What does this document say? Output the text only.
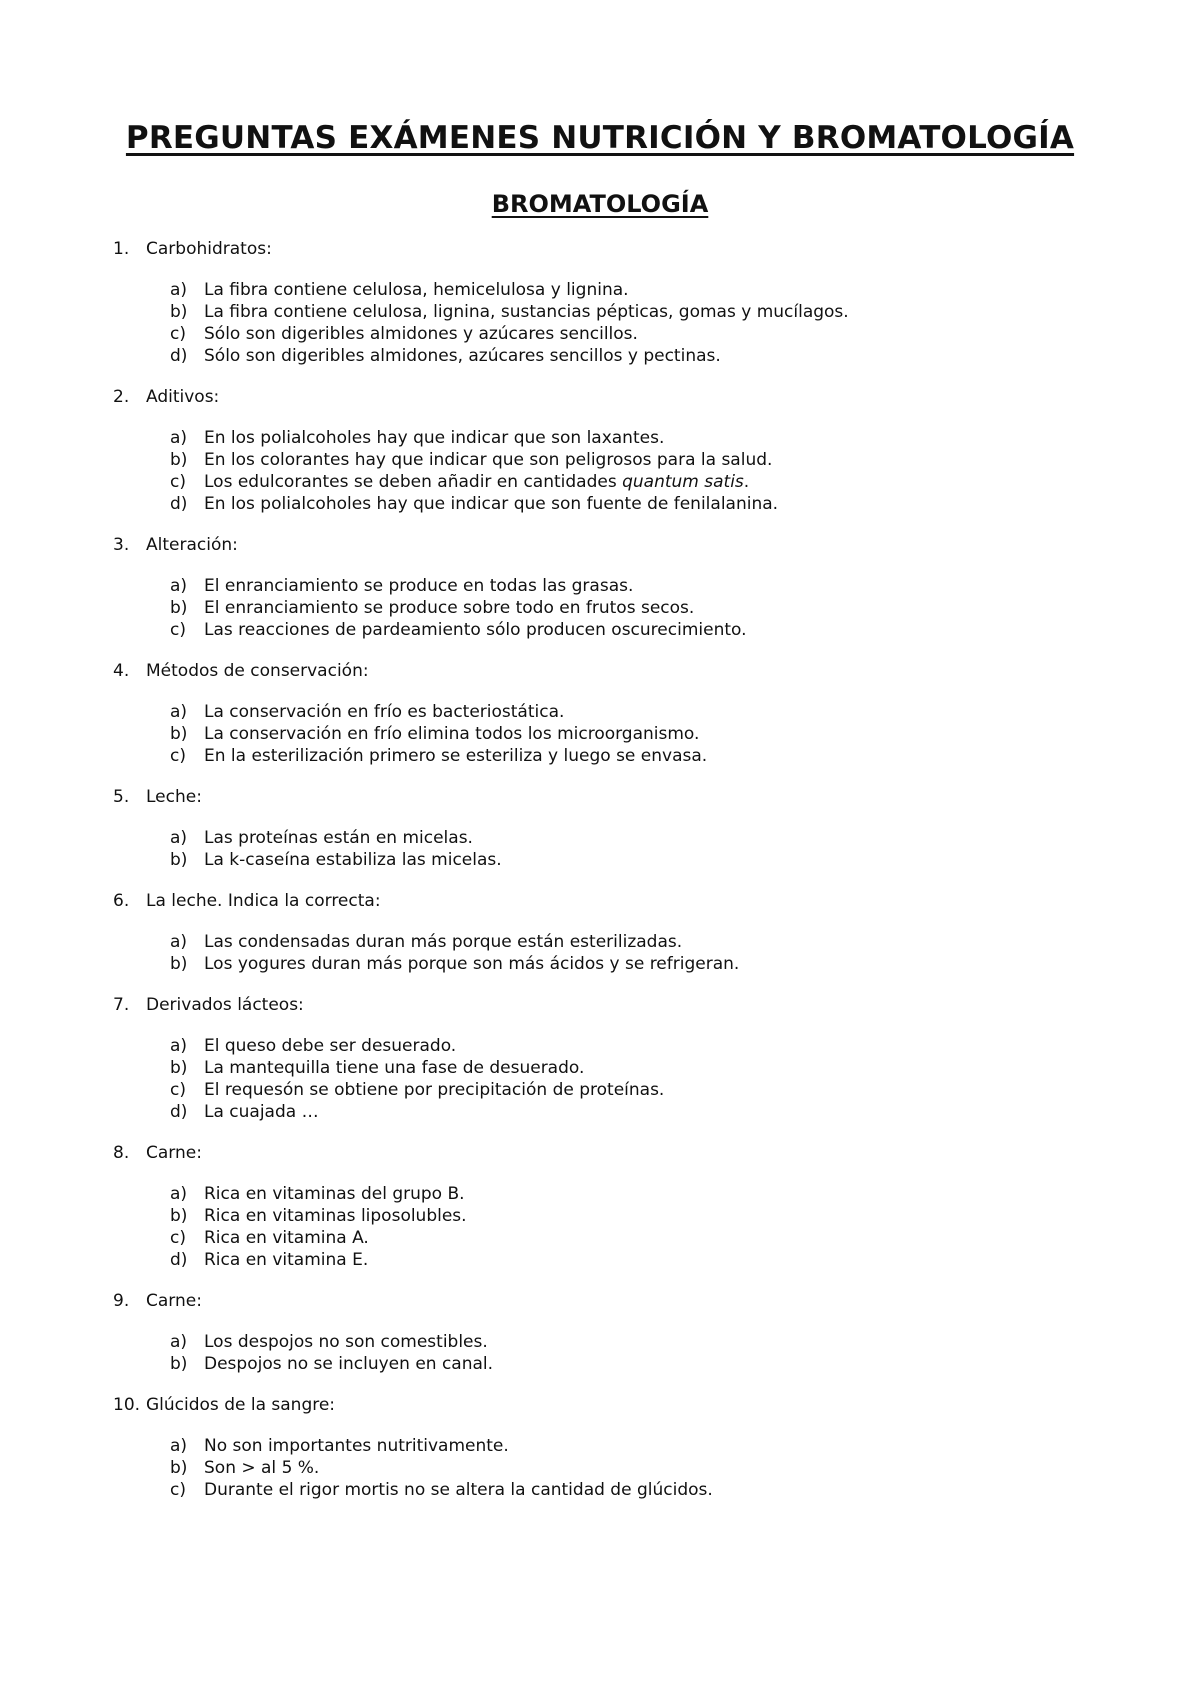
PREGUNTAS EXÁMENES NUTRICIÓN Y BROMATOLOGÍA
BROMATOLOGÍA
1. Carbohidratos:
a) La fibra contiene celulosa, hemicelulosa y lignina.
b) La fibra contiene celulosa, lignina, sustancias pépticas, gomas y mucílagos.
c) Sólo son digeribles almidones y azúcares sencillos.
d) Sólo son digeribles almidones, azúcares sencillos y pectinas.
2. Aditivos:
a) En los polialcoholes hay que indicar que son laxantes.
b) En los colorantes hay que indicar que son peligrosos para la salud.
c) Los edulcorantes se deben añadir en cantidades quantum satis.
d) En los polialcoholes hay que indicar que son fuente de fenilalanina.
3. Alteración:
a) El enranciamiento se produce en todas las grasas.
b) El enranciamiento se produce sobre todo en frutos secos.
c) Las reacciones de pardeamiento sólo producen oscurecimiento.
4. Métodos de conservación:
a) La conservación en frío es bacteriostática.
b) La conservación en frío elimina todos los microorganismo.
c) En la esterilización primero se esteriliza y luego se envasa.
5. Leche:
a) Las proteínas están en micelas.
b) La k-caseína estabiliza las micelas.
6. La leche. Indica la correcta:
a) Las condensadas duran más porque están esterilizadas.
b) Los yogures duran más porque son más ácidos y se refrigeran.
7. Derivados lácteos:
a) El queso debe ser desuerado.
b) La mantequilla tiene una fase de desuerado.
c) El requesón se obtiene por precipitación de proteínas.
d) La cuajada …
8. Carne:
a) Rica en vitaminas del grupo B.
b) Rica en vitaminas liposolubles.
c) Rica en vitamina A.
d) Rica en vitamina E.
9. Carne:
a) Los despojos no son comestibles.
b) Despojos no se incluyen en canal.
10. Glúcidos de la sangre:
a) No son importantes nutritivamente.
b) Son > al 5 %.
c) Durante el rigor mortis no se altera la cantidad de glúcidos.
